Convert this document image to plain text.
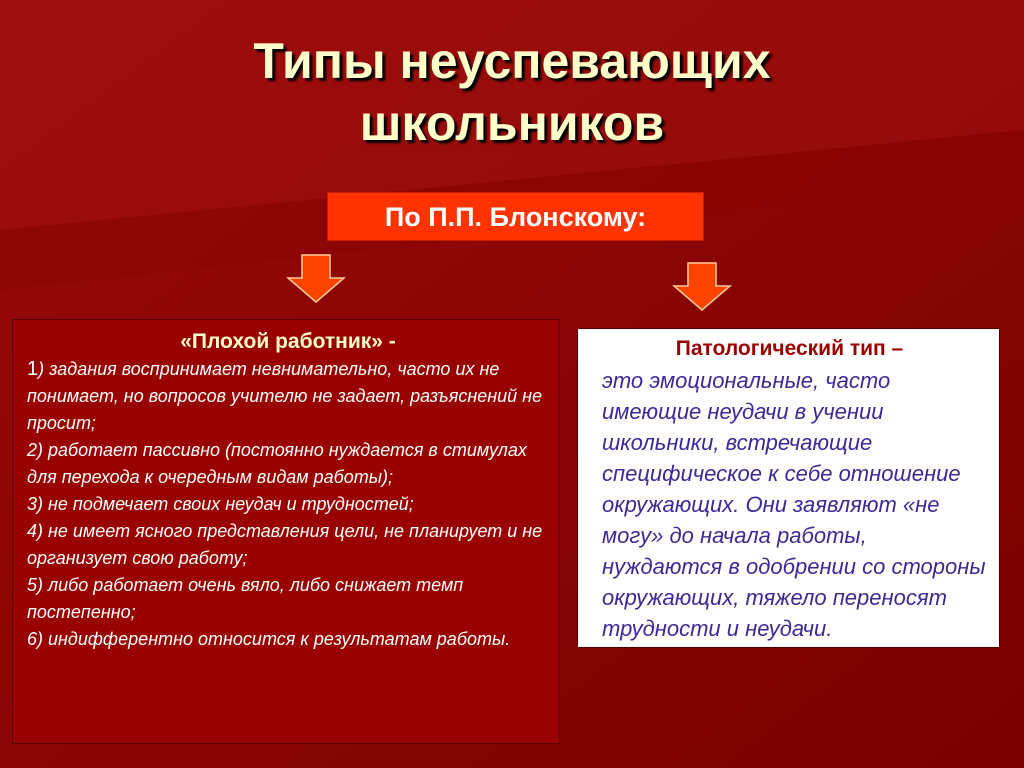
Типы неуспевающих
школьников
По П.П. Блонскому:
«Плохой работник» -

1) задания воспринимает невнимательно, часто их не понимает, но вопросов учителю не задает, разъяснений не просит;

2) работает пассивно (постоянно нуждается в стимулах для перехода к очередным видам работы);

3) не подмечает своих неудач и трудностей;

4) не имеет ясного представления цели, не планирует и не организует свою работу;

5) либо работает очень вяло, либо снижает темп постепенно;

6) индифферентно относится к результатам работы.

Патологический тип –

это эмоциональные, часто имеющие неудачи в учении школьники, встречающие специфическое к себе отношение окружающих. Они заявляют «не могу» до начала работы, нуждаются в одобрении со стороны окружающих, тяжело переносят трудности и неудачи.
